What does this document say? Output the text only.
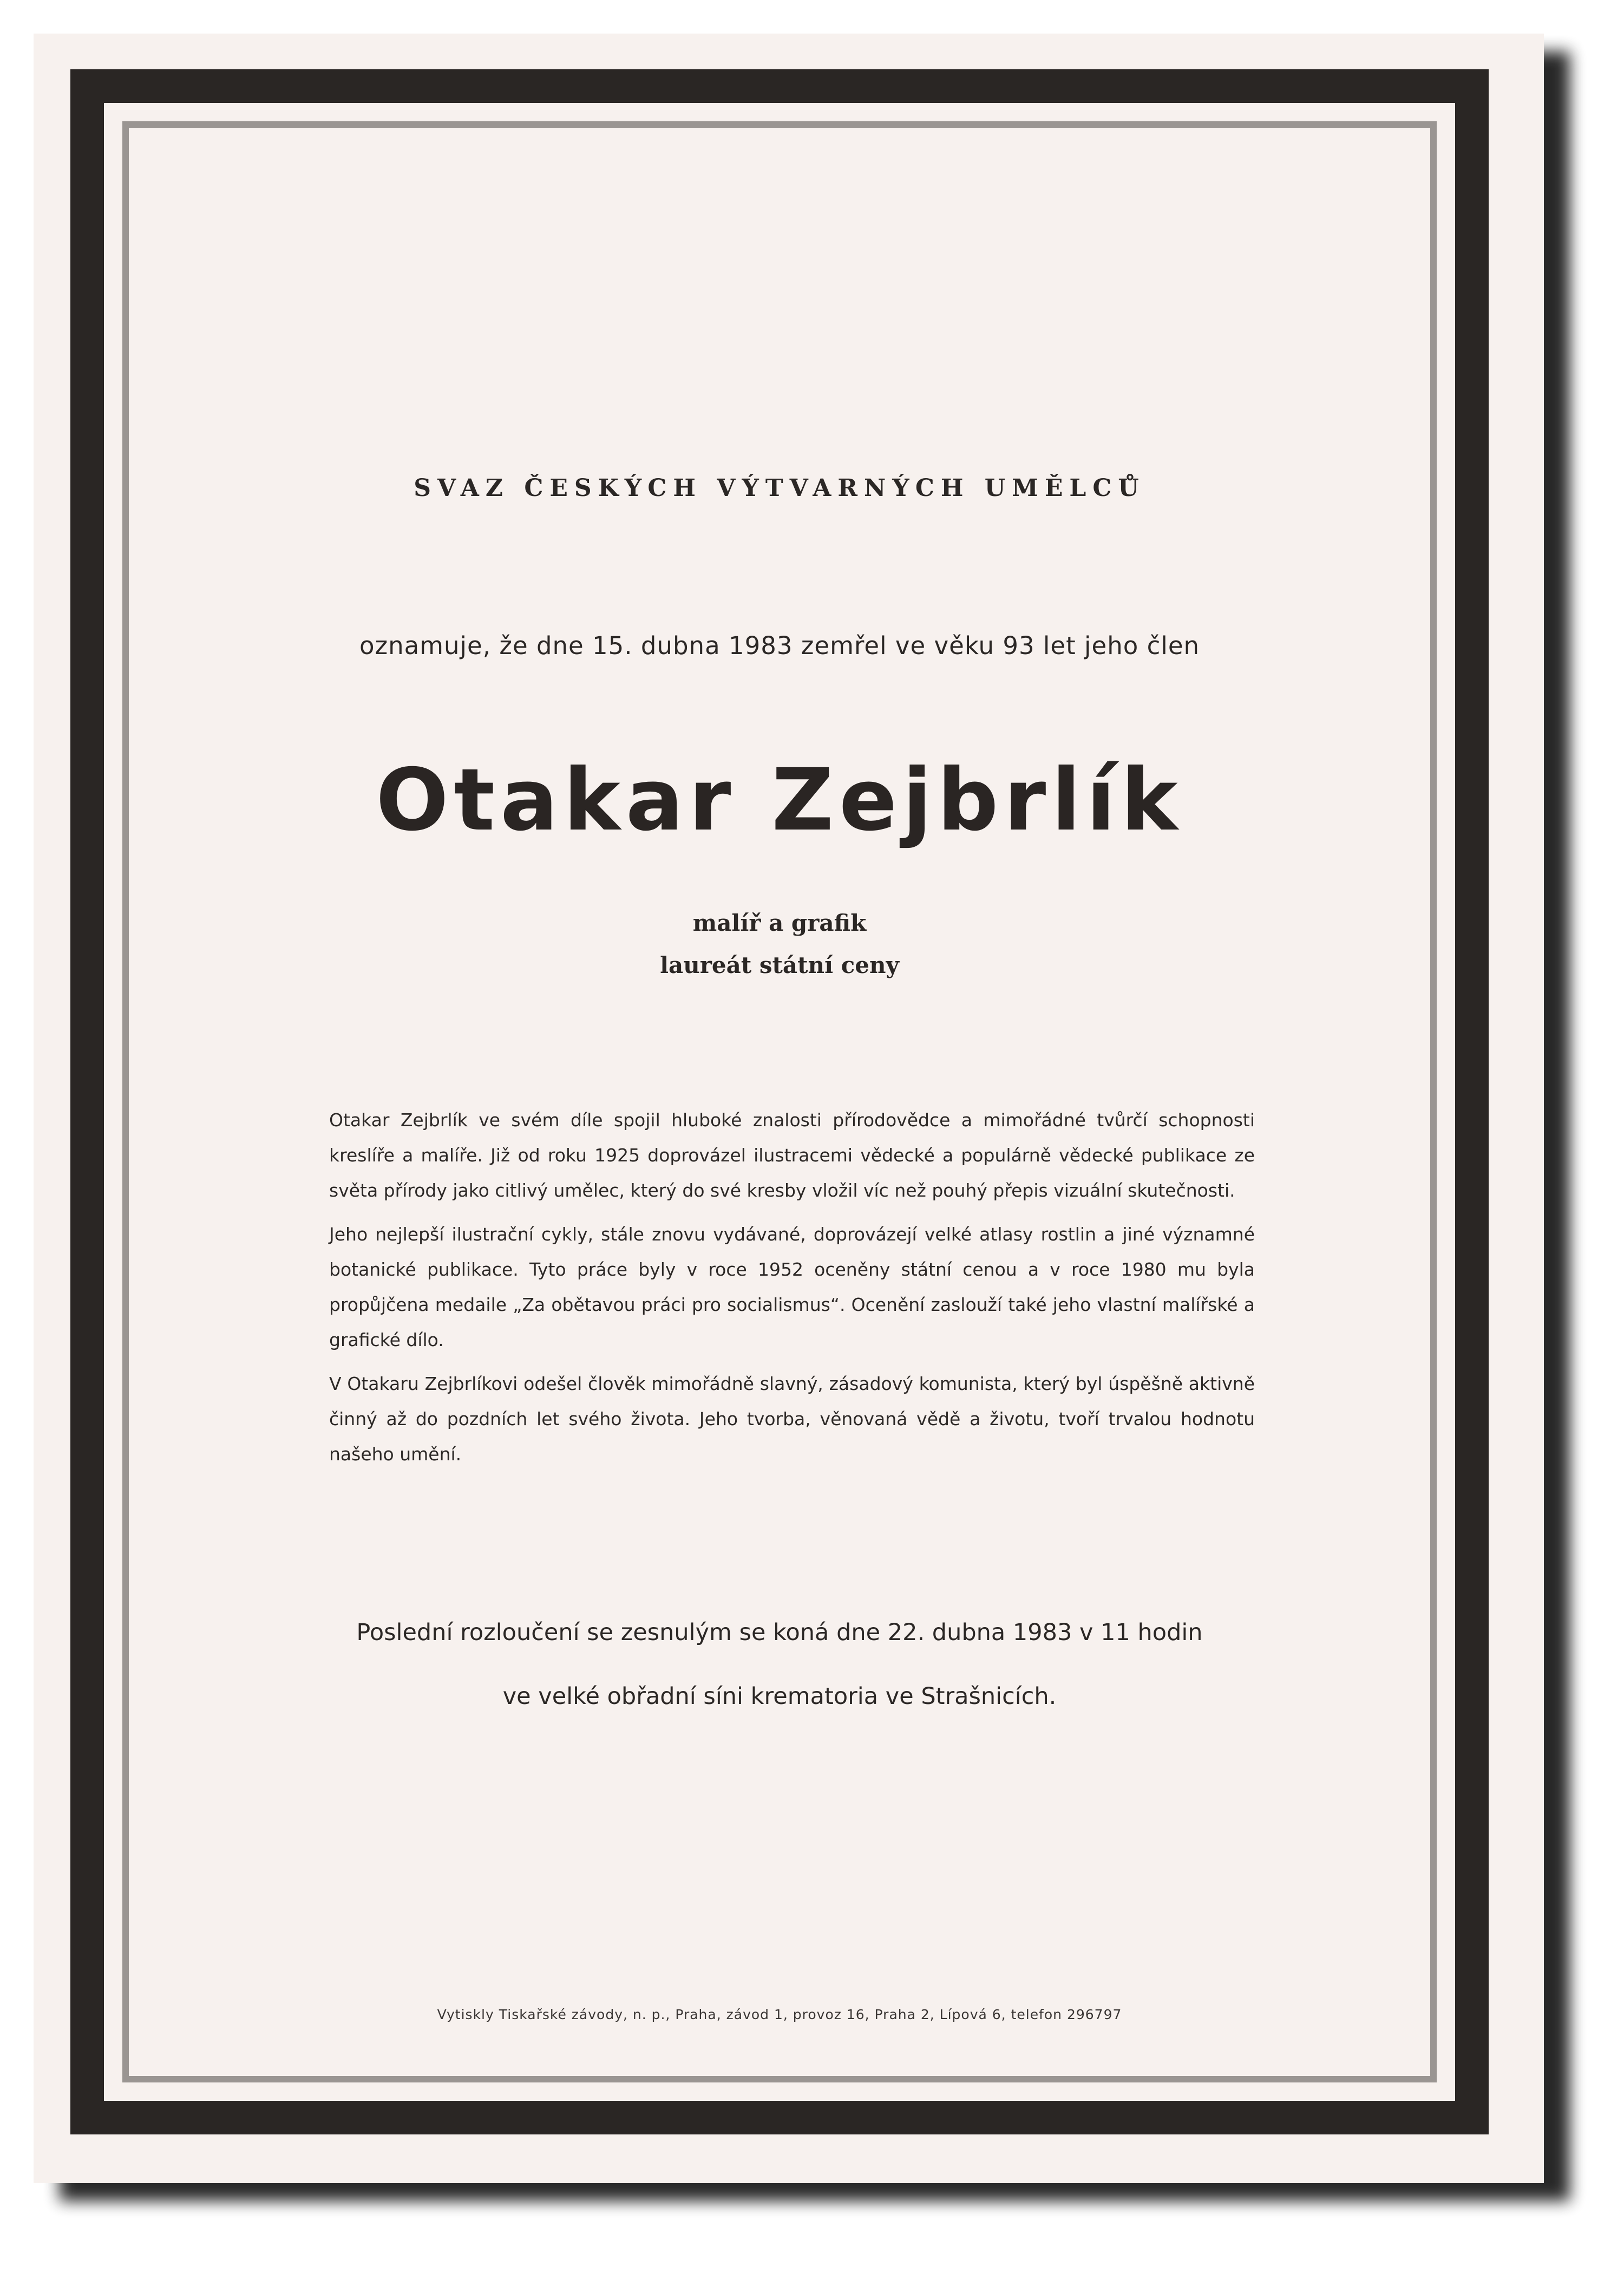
SVAZ ČESKÝCH VÝTVARNÝCH UMĚLCŮ
oznamuje, že dne 15. dubna 1983 zemřel ve věku 93 let jeho člen
Otakar Zejbrlík
malíř a grafik
laureát státní ceny

Otakar Zejbrlík ve svém díle spojil hluboké znalosti přírodovědce a mimořádné tvůrčí schopnosti kreslíře a malíře. Již od roku 1925 doprovázel ilustracemi vědecké a populárně vědecké publikace ze světa přírody jako citlivý umělec, který do své kresby vložil víc než pouhý přepis vizuální skutečnosti.

Jeho nejlepší ilustrační cykly, stále znovu vydávané, doprovázejí velké atlasy rostlin a jiné významné botanické publikace. Tyto práce byly v roce 1952 oceněny státní cenou a v roce 1980 mu byla propůjčena medaile „Za obětavou práci pro socialismus“. Ocenění zaslouží také jeho vlastní malířské a grafické dílo.

V Otakaru Zejbrlíkovi odešel člověk mimořádně slavný, zásadový komunista, který byl úspěšně aktivně činný až do pozdních let svého života. Jeho tvorba, věnovaná vědě a životu, tvoří trvalou hodnotu našeho umění.

Poslední rozloučení se zesnulým se koná dne 22. dubna 1983 v 11 hodin
ve velké obřadní síni krematoria ve Strašnicích.
Vytiskly Tiskařské závody, n. p., Praha, závod 1, provoz 16, Praha 2, Lípová 6, telefon 296797
